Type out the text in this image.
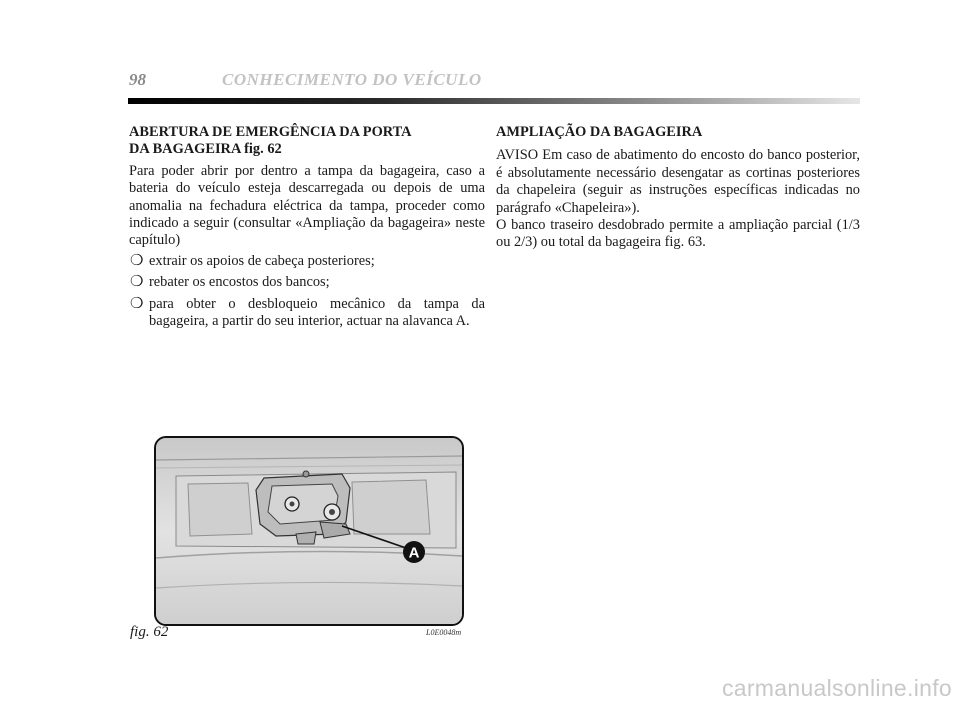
98	CONHECIMENTO DO VEÍCULO
ABERTURA DE EMERGÊNCIA DA PORTA
DA BAGAGEIRA fig. 62

Para poder abrir por dentro a tampa da bagageira, caso a bateria do veículo esteja descarregada ou depois de uma anomalia na fechadura eléctrica da tampa, proceder como indicado a seguir (consultar «Ampliação da bagageira» neste capítulo)

❍ extrair os apoios de cabeça posteriores;
❍ rebater os encostos dos bancos;
❍ para obter o desbloqueio mecânico da tampa da bagageira, a partir do seu interior, actuar na alavanca A.
AMPLIAÇÃO DA BAGAGEIRA

AVISO Em caso de abatimento do encosto do banco posterior, é absolutamente necessário desengatar as cortinas posteriores da chapeleira (seguir as instruções específicas indicadas no parágrafo «Chapeleira»).

O banco traseiro desdobrado permite a ampliação parcial (1/3 ou 2/3) ou total da bagageira fig. 63.

A
fig. 62	L0E0048m
carmanualsonline.info
